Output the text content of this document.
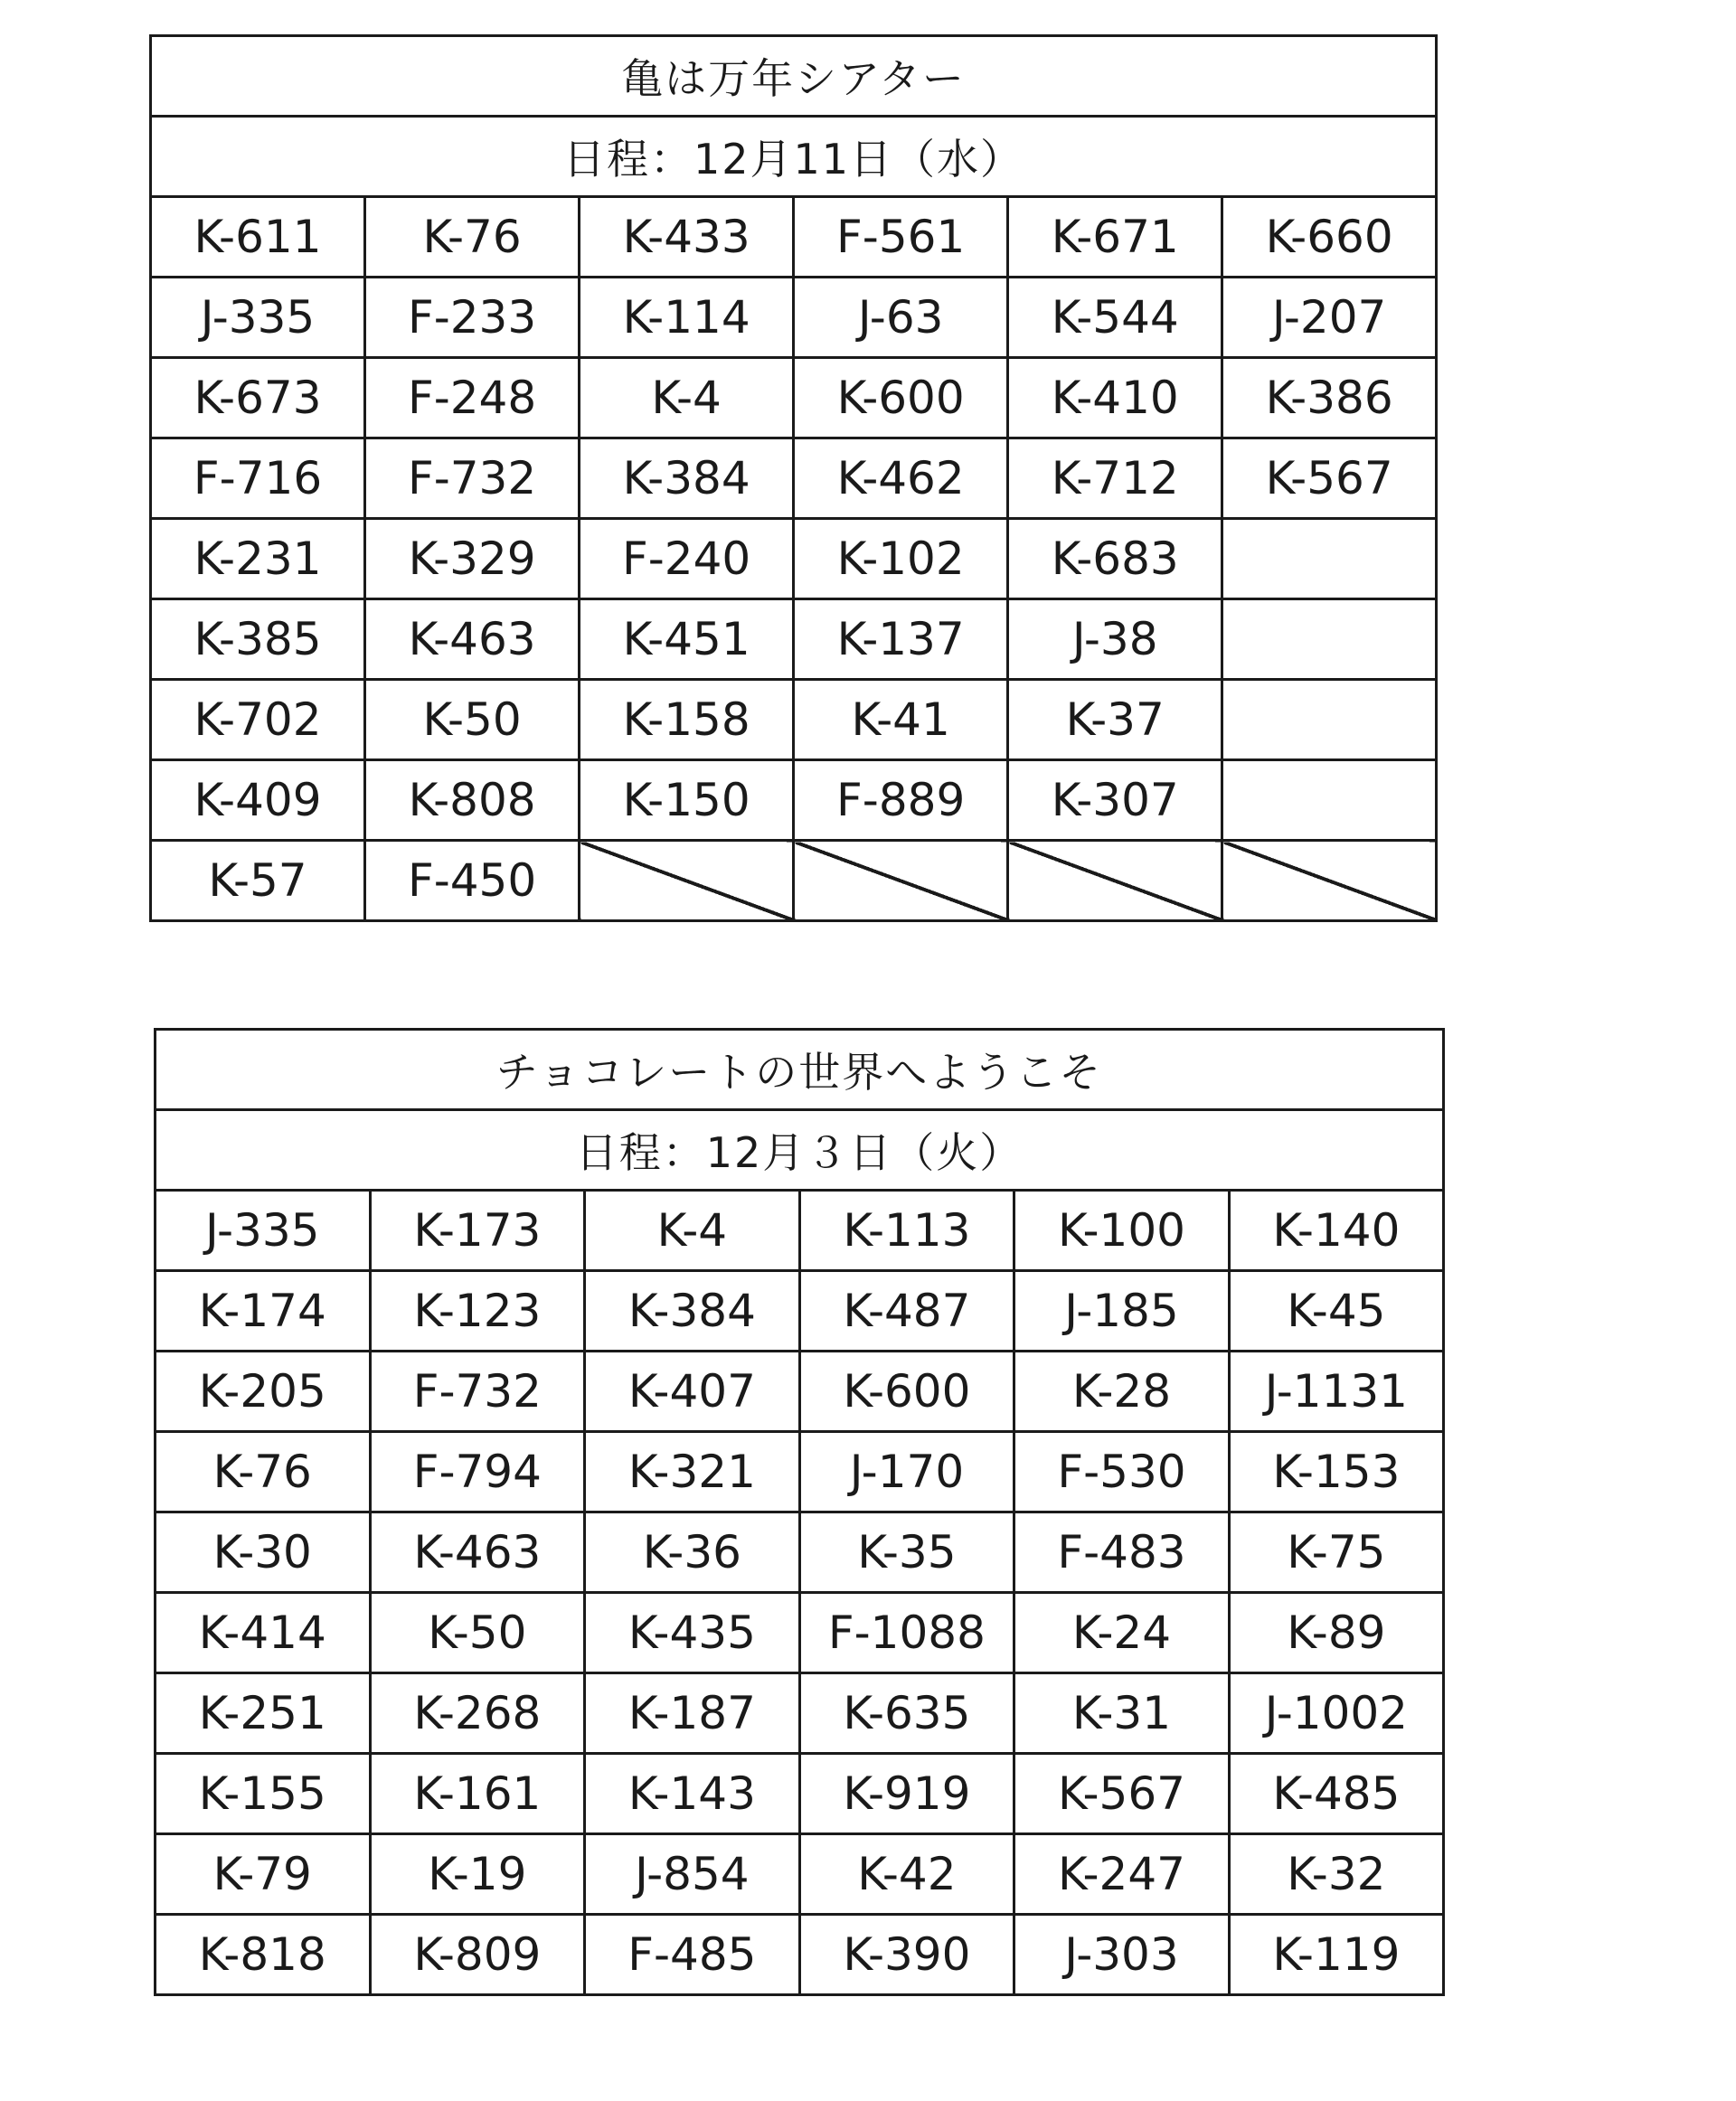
亀は万年シアター					
日程：12月11日（水）					
K-611	K-76	K-433	F-561	K-671	K-660
J-335	F-233	K-114	J-63	K-544	J-207
K-673	F-248	K-4	K-600	K-410	K-386
F-716	F-732	K-384	K-462	K-712	K-567
K-231	K-329	F-240	K-102	K-683	
K-385	K-463	K-451	K-137	J-38	
K-702	K-50	K-158	K-41	K-37	
K-409	K-808	K-150	F-889	K-307	
K-57	F-450				
チョコレートの世界へようこそ					
日程：12月３日（火）					
J-335	K-173	K-4	K-113	K-100	K-140
K-174	K-123	K-384	K-487	J-185	K-45
K-205	F-732	K-407	K-600	K-28	J-1131
K-76	F-794	K-321	J-170	F-530	K-153
K-30	K-463	K-36	K-35	F-483	K-75
K-414	K-50	K-435	F-1088	K-24	K-89
K-251	K-268	K-187	K-635	K-31	J-1002
K-155	K-161	K-143	K-919	K-567	K-485
K-79	K-19	J-854	K-42	K-247	K-32
K-818	K-809	F-485	K-390	J-303	K-119
